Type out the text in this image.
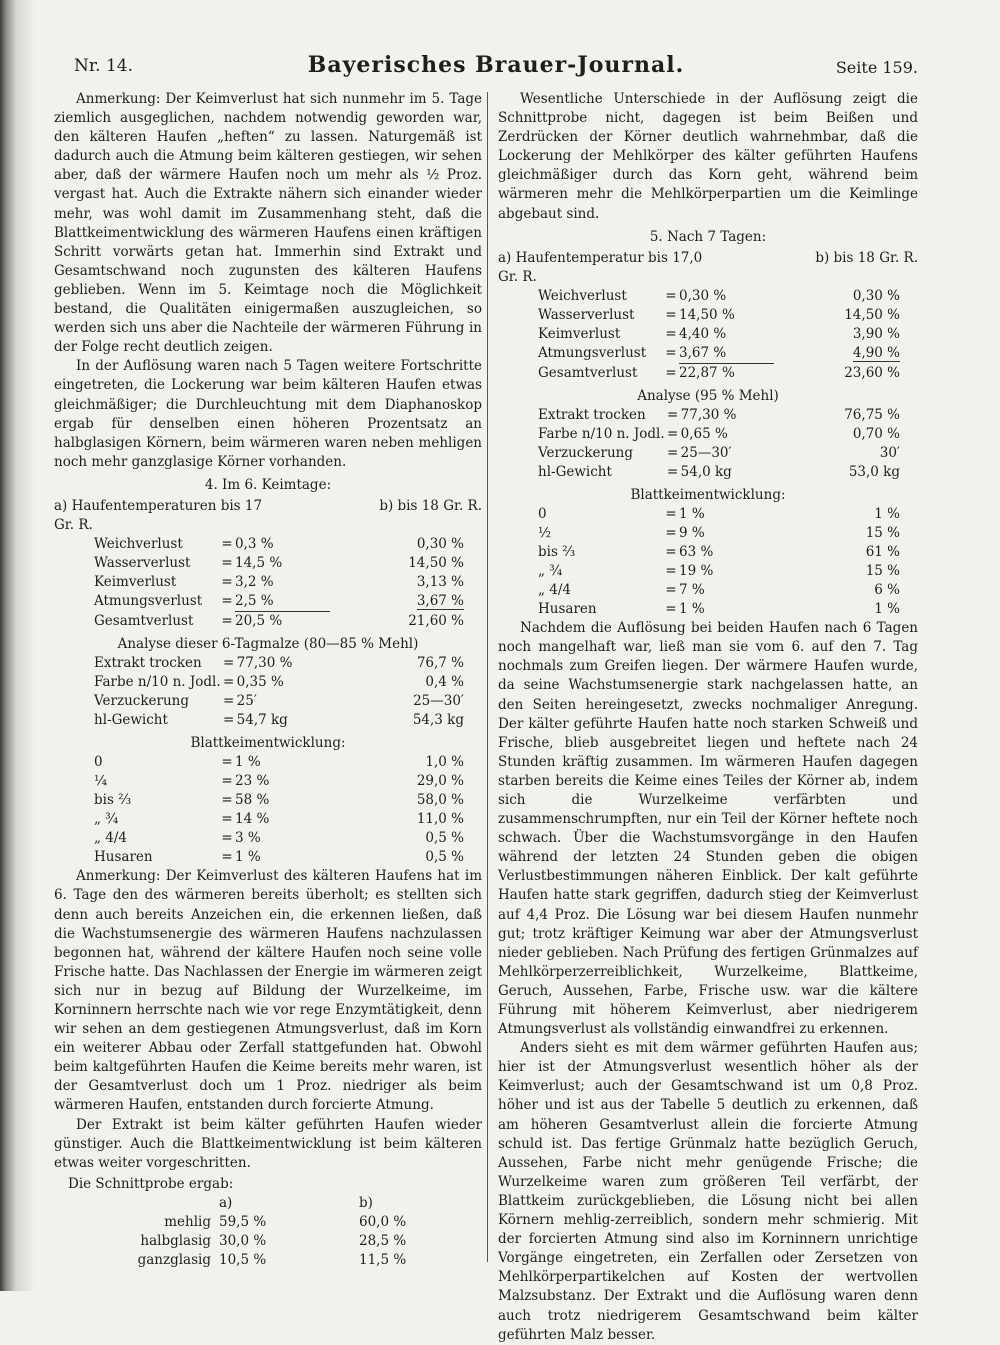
Nr. 14.	Bayerisches Brauer-Journal.	Seite 159.

Anmerkung: Der Keimverlust hat sich nunmehr im 5. Tage ziemlich ausgeglichen, nachdem notwendig geworden war, den kälteren Haufen „heften“ zu lassen. Naturgemäß ist dadurch auch die Atmung beim kälteren gestiegen, wir sehen aber, daß der wärmere Haufen noch um mehr als ½ Proz. vergast hat. Auch die Extrakte nähern sich einander wieder mehr, was wohl damit im Zusammenhang steht, daß die Blattkeimentwicklung des wärmeren Haufens einen kräftigen Schritt vorwärts getan hat. Immerhin sind Extrakt und Gesamtschwand noch zugunsten des kälteren Haufens geblieben. Wenn im 5. Keimtage noch die Möglichkeit bestand, die Qualitäten einigermaßen auszugleichen, so werden sich uns aber die Nachteile der wärmeren Führung in der Folge recht deutlich zeigen.

In der Auflösung waren nach 5 Tagen weitere Fortschritte eingetreten, die Lockerung war beim kälteren Haufen etwas gleichmäßiger; die Durchleuchtung mit dem Diaphanoskop ergab für denselben einen höheren Prozentsatz an halbglasigen Körnern, beim wärmeren waren neben mehligen noch mehr ganzglasige Körner vorhanden.

4. Im 6. Keimtage:
a) Haufentemperaturen bis 17 Gr. R.
b) bis 18 Gr. R.
Weichverlust	=	0,3 %	0,30 %
Wasserverlust	=	14,5 %	14,50 %
Keimverlust	=	3,2 %	3,13 %
Atmungsverlust	=	2,5 %	3,67 %
Gesamtverlust	=	20,5 %	21,60 %
Analyse dieser 6-Tagmalze (80—85 % Mehl)
Extrakt trocken	=	77,30 %	76,7 %
Farbe n/10 n. Jodl.	=	0,35 %	0,4 %
Verzuckerung	=	25′	25—30′
hl-Gewicht	=	54,7 kg	54,3 kg
Blattkeimentwicklung:
0	=	1 %	1,0 %
¼	=	23 %	29,0 %
bis ⅔	=	58 %	58,0 %
„ ¾	=	14 %	11,0 %
„ 4/4	=	3 %	0,5 %
Husaren	=	1 %	0,5 %

Anmerkung: Der Keimverlust des kälteren Haufens hat im 6. Tage den des wärmeren bereits überholt; es stellten sich denn auch bereits Anzeichen ein, die erkennen ließen, daß die Wachstumsenergie des wärmeren Haufens nachzulassen begonnen hat, während der kältere Haufen noch seine volle Frische hatte. Das Nachlassen der Energie im wärmeren zeigt sich nur in bezug auf Bildung der Wurzelkeime, im Korninnern herrschte nach wie vor rege Enzymtätigkeit, denn wir sehen an dem gestiegenen Atmungsverlust, daß im Korn ein weiterer Abbau oder Zerfall stattgefunden hat. Obwohl beim kaltgeführten Haufen die Keime bereits mehr waren, ist der Gesamtverlust doch um 1 Proz. niedriger als beim wärmeren Haufen, entstanden durch forcierte Atmung.

Der Extrakt ist beim kälter geführten Haufen wieder günstiger. Auch die Blattkeimentwicklung ist beim kälteren etwas weiter vorgeschritten.

Die Schnittprobe ergab:
	a)	b)
mehlig	59,5 %	60,0 %
halbglasig	30,0 %	28,5 %
ganzglasig	10,5 %	11,5 %

Wesentliche Unterschiede in der Auflösung zeigt die Schnittprobe nicht, dagegen ist beim Beißen und Zerdrücken der Körner deutlich wahrnehmbar, daß die Lockerung der Mehlkörper des kälter geführten Haufens gleichmäßiger durch das Korn geht, während beim wärmeren mehr die Mehlkörperpartien um die Keimlinge abgebaut sind.

5. Nach 7 Tagen:
a) Haufentemperatur bis 17,0 Gr. R.
b) bis 18 Gr. R.
Weichverlust	=	0,30 %	0,30 %
Wasserverlust	=	14,50 %	14,50 %
Keimverlust	=	4,40 %	3,90 %
Atmungsverlust	=	3,67 %	4,90 %
Gesamtverlust	=	22,87 %	23,60 %
Analyse (95 % Mehl)
Extrakt trocken	=	77,30 %	76,75 %
Farbe n/10 n. Jodl.	=	0,65 %	0,70 %
Verzuckerung	=	25—30′	30′
hl-Gewicht	=	54,0 kg	53,0 kg
Blattkeimentwicklung:
0	=	1 %	1 %
½	=	9 %	15 %
bis ⅔	=	63 %	61 %
„ ¾	=	19 %	15 %
„ 4/4	=	7 %	6 %
Husaren	=	1 %	1 %

Nachdem die Auflösung bei beiden Haufen nach 6 Tagen noch mangelhaft war, ließ man sie vom 6. auf den 7. Tag nochmals zum Greifen liegen. Der wärmere Haufen wurde, da seine Wachstumsenergie stark nachgelassen hatte, an den Seiten hereingesetzt, zwecks nochmaliger Anregung. Der kälter geführte Haufen hatte noch starken Schweiß und Frische, blieb ausgebreitet liegen und heftete nach 24 Stunden kräftig zusammen. Im wärmeren Haufen dagegen starben bereits die Keime eines Teiles der Körner ab, indem sich die Wurzelkeime verfärbten und zusammenschrumpften, nur ein Teil der Körner heftete noch schwach. Über die Wachstumsvorgänge in den Haufen während der letzten 24 Stunden geben die obigen Verlustbestimmungen näheren Einblick. Der kalt geführte Haufen hatte stark gegriffen, dadurch stieg der Keimverlust auf 4,4 Proz. Die Lösung war bei diesem Haufen nunmehr gut; trotz kräftiger Keimung war aber der Atmungsverlust nieder geblieben. Nach Prüfung des fertigen Grünmalzes auf Mehlkörperzerreiblichkeit, Wurzelkeime, Blattkeime, Geruch, Aussehen, Farbe, Frische usw. war die kältere Führung mit höherem Keimverlust, aber niedrigerem Atmungsverlust als vollständig einwandfrei zu erkennen.

Anders sieht es mit dem wärmer geführten Haufen aus; hier ist der Atmungsverlust wesentlich höher als der Keimverlust; auch der Gesamtschwand ist um 0,8 Proz. höher und ist aus der Tabelle 5 deutlich zu erkennen, daß am höheren Gesamtverlust allein die forcierte Atmung schuld ist. Das fertige Grünmalz hatte bezüglich Geruch, Aussehen, Farbe nicht mehr genügende Frische; die Wurzelkeime waren zum größeren Teil verfärbt, der Blattkeim zurückgeblieben, die Lösung nicht bei allen Körnern mehlig-zerreiblich, sondern mehr schmierig. Mit der forcierten Atmung sind also im Korninnern unrichtige Vorgänge eingetreten, ein Zerfallen oder Zersetzen von Mehlkörperpartikelchen auf Kosten der wertvollen Malzsubstanz. Der Extrakt und die Auflösung waren denn auch trotz niedrigerem Gesamtschwand beim kälter geführten Malz besser.
